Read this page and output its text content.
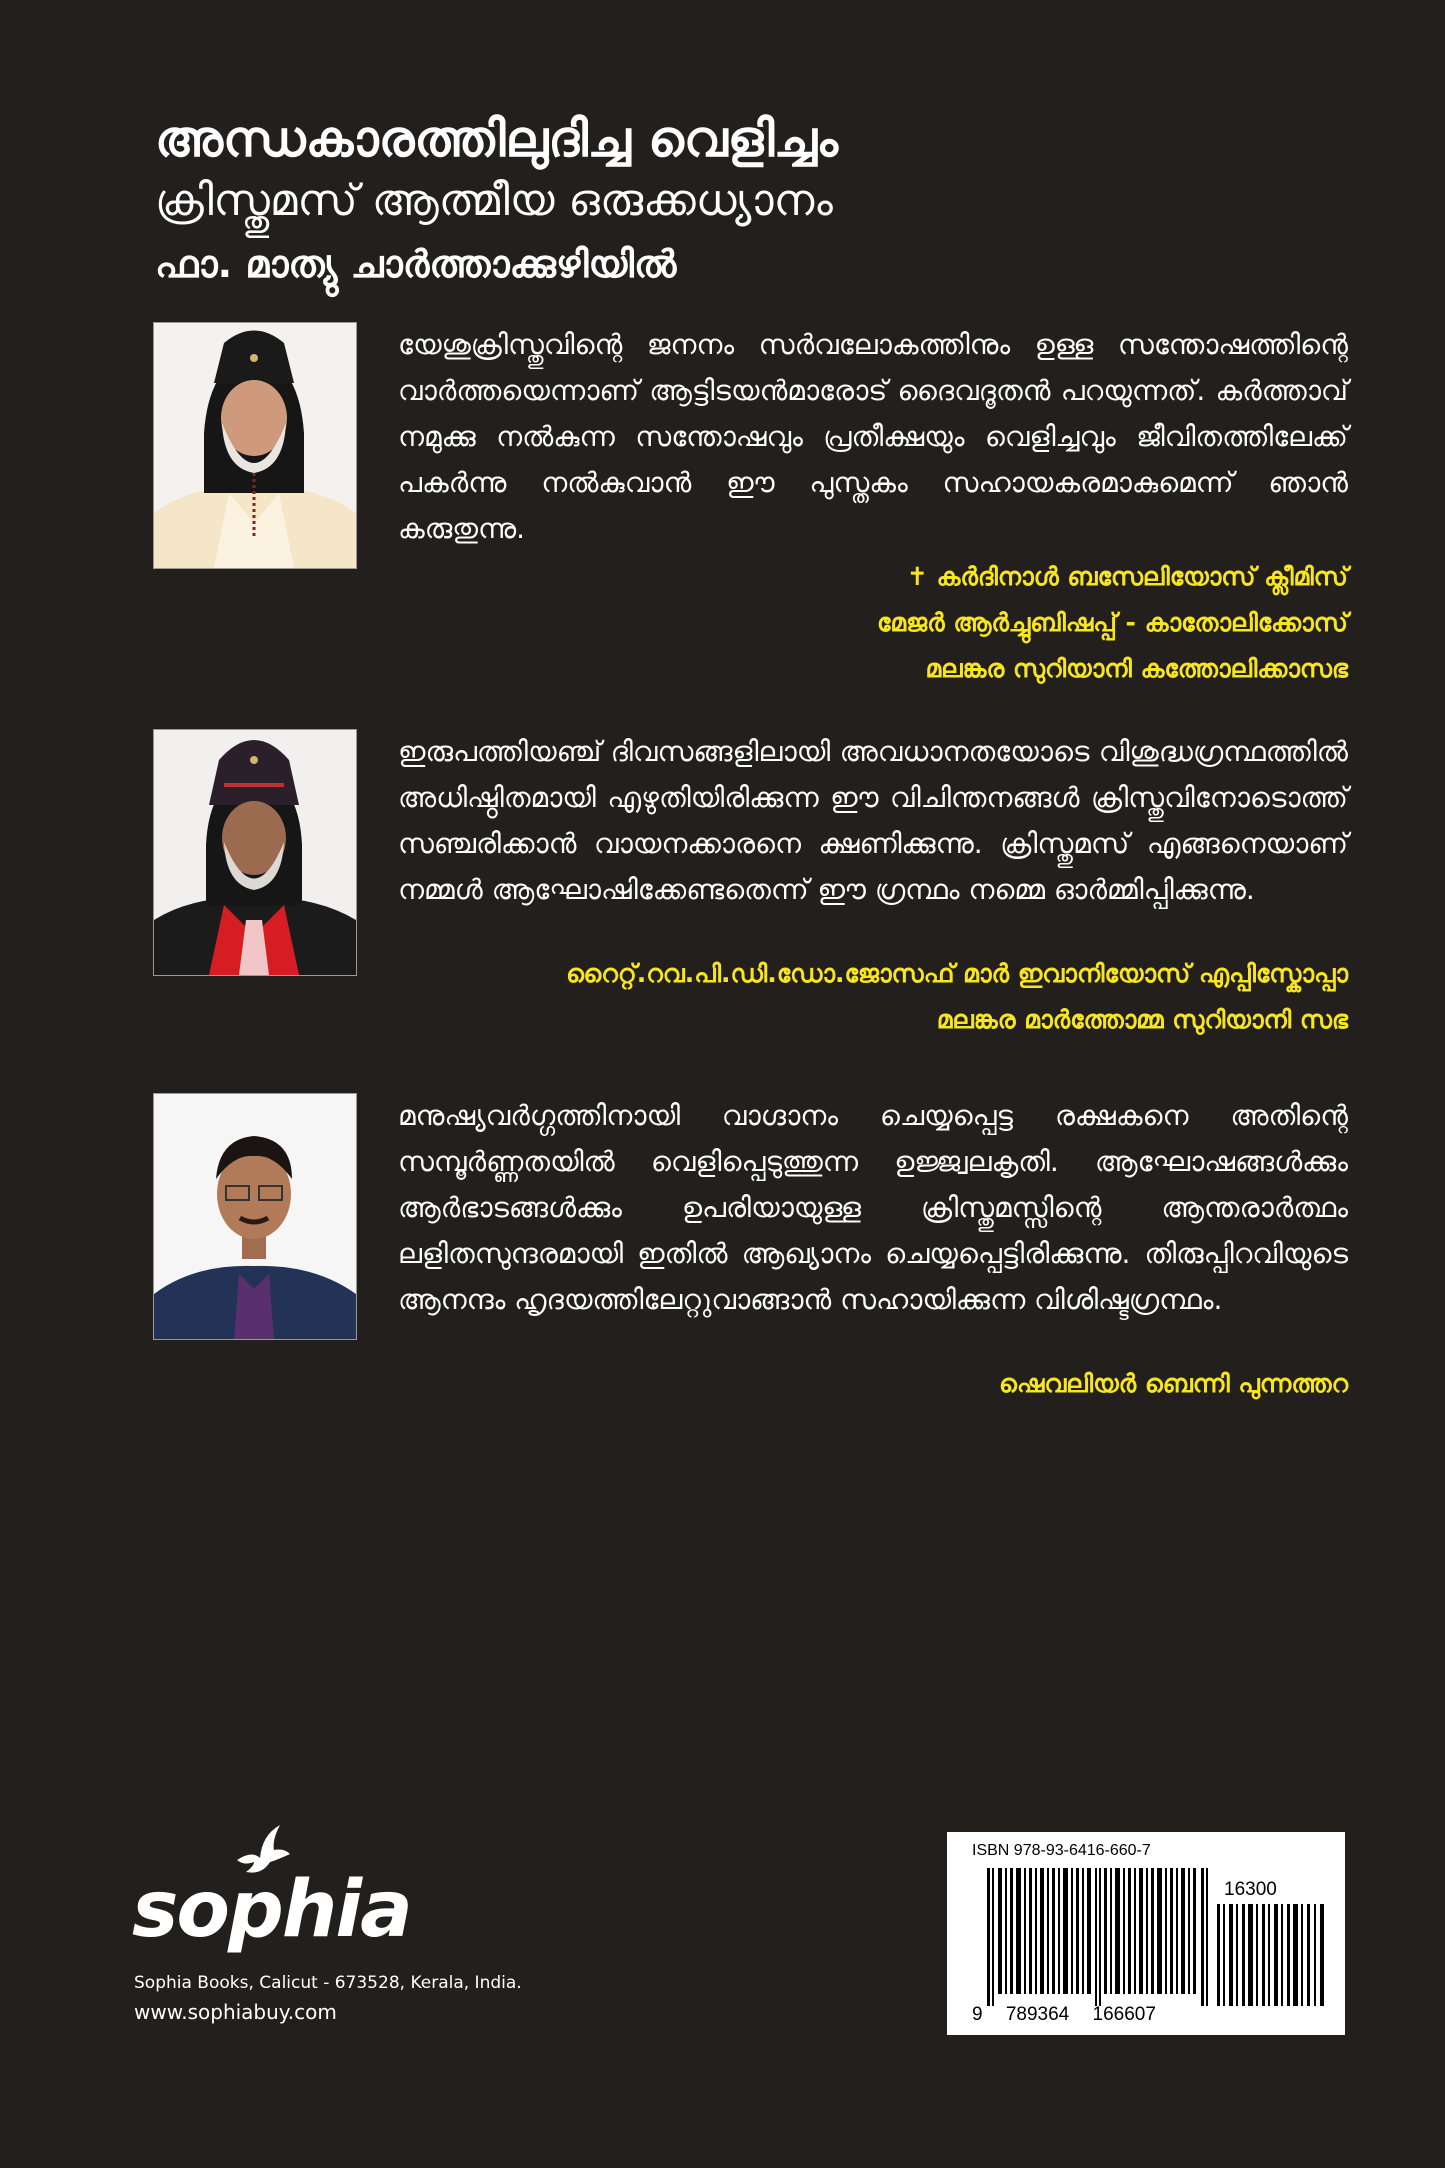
അന്ധകാരത്തിലുദിച്ച വെളിച്ചം

ക്രിസ്തുമസ് ആത്മീയ ഒരുക്കധ്യാനം

ഫാ. മാത്യു ചാർത്താക്കുഴിയിൽ

യേശുക്രിസ്തുവിന്റെ ജനനം സർവലോകത്തിനും ഉള്ള സന്തോഷത്തിന്റെ വാർത്തയെന്നാണ് ആട്ടിടയൻമാരോട് ദൈവദൂതൻ പറയുന്നത്. കർത്താവ് നമുക്കു നൽകുന്ന സന്തോഷവും പ്രതീക്ഷയും വെളിച്ചവും ജീവിതത്തിലേക്ക് പകർന്നു നൽകുവാൻ ഈ പുസ്തകം സഹായകരമാകുമെന്ന് ഞാൻ കരുതുന്നു.
✝ കർദിനാൾ ബസേലിയോസ് ക്ലീമിസ്
മേജർ ആർച്ചുബിഷപ്പ് - കാതോലിക്കോസ്
മലങ്കര സുറിയാനി കത്തോലിക്കാസഭ
ഇരുപത്തിയഞ്ച് ദിവസങ്ങളിലായി അവധാനതയോടെ വിശുദ്ധഗ്രന്ഥത്തിൽ അധിഷ്ഠിതമായി എഴുതിയിരിക്കുന്ന ഈ വിചിന്തനങ്ങൾ ക്രിസ്തുവിനോടൊത്ത് സഞ്ചരിക്കാൻ വായനക്കാരനെ ക്ഷണിക്കുന്നു. ക്രിസ്തുമസ് എങ്ങനെയാണ് നമ്മൾ ആഘോഷിക്കേണ്ടതെന്ന് ഈ ഗ്രന്ഥം നമ്മെ ഓർമ്മിപ്പിക്കുന്നു.
റൈറ്റ്.റവ.പി.ഡി.ഡോ.ജോസഫ് മാർ ഇവാനിയോസ് എപ്പിസ്കോപ്പാ
മലങ്കര മാർത്തോമ്മ സുറിയാനി സഭ
മനുഷ്യവർഗ്ഗത്തിനായി വാഗ്ദാനം ചെയ്യപ്പെട്ട രക്ഷകനെ അതിന്റെ സമ്പൂർണ്ണതയിൽ വെളിപ്പെടുത്തുന്ന ഉജ്ജ്വലകൃതി. ആഘോഷങ്ങൾക്കും ആർഭാടങ്ങൾക്കും ഉപരിയായുള്ള ക്രിസ്തുമസ്സിന്റെ ആന്തരാർത്ഥം ലളിതസുന്ദരമായി ഇതിൽ ആഖ്യാനം ചെയ്യപ്പെട്ടിരിക്കുന്നു. തിരുപ്പിറവിയുടെ ആനന്ദം ഹൃദയത്തിലേറ്റുവാങ്ങാൻ സഹായിക്കുന്ന വിശിഷ്ടഗ്രന്ഥം.
ഷെവലിയർ ബെന്നി പുന്നത്തറ
sophia
Sophia Books, Calicut - 673528, Kerala, India.
www.sophiabuy.com
ISBN 978-93-6416-660-7
16300
9 789364 166607
